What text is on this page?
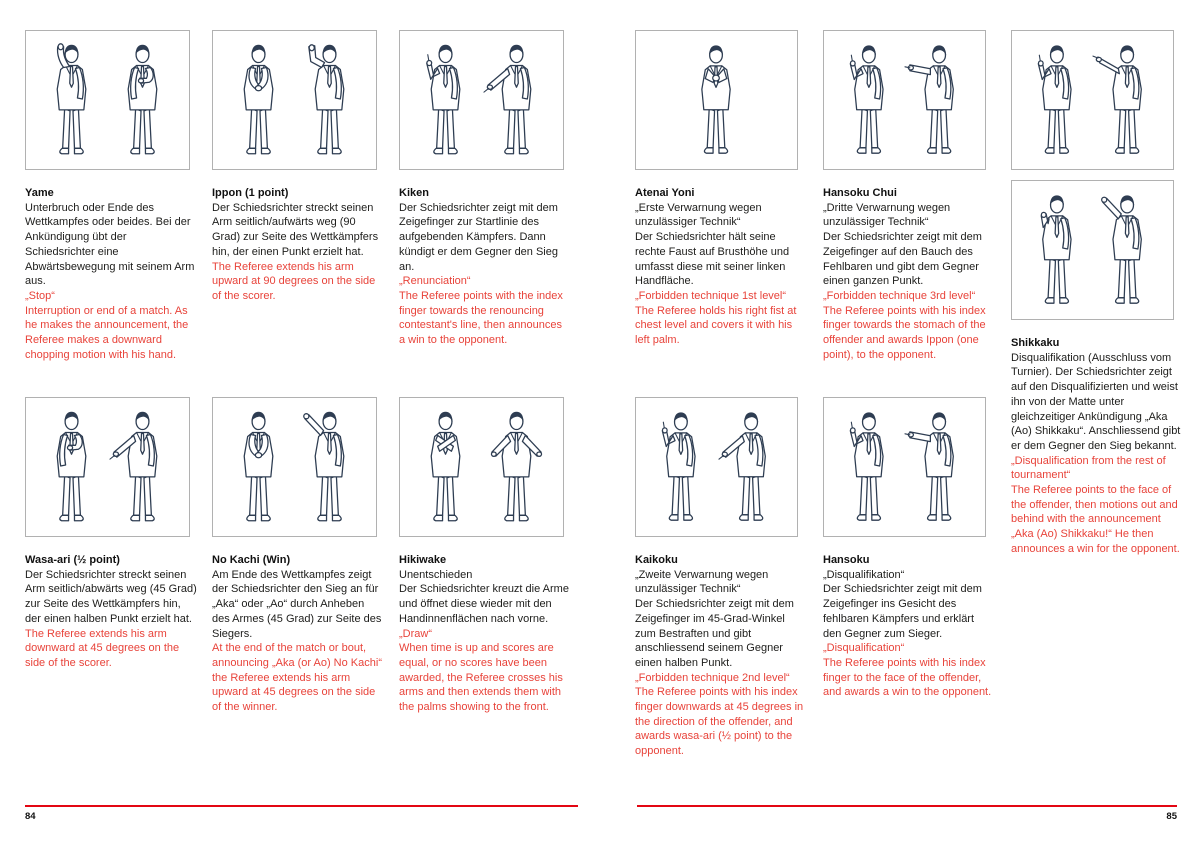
Yame
Unterbruch oder Ende des Wettkampfes oder beides. Bei der Ankündigung übt der Schiedsrichter eine Abwärtsbewegung mit seinem Arm aus.
„Stop“
Interruption or end of a match. As he makes the announcement, the Referee makes a downward chopping motion with his hand.
Ippon (1 point)
Der Schiedsrichter streckt seinen Arm seitlich/aufwärts weg (90 Grad) zur Seite des Wettkämpfers hin, der einen Punkt erzielt hat.
The Referee extends his arm upward at 90 degrees on the side of the scorer.
Kiken
Der Schiedsrichter zeigt mit dem Zeigefinger zur Startlinie des aufgebenden Kämpfers. Dann kündigt er dem Gegner den Sieg an.
„Renunciation“
The Referee points with the index finger towards the renouncing contestant's line, then announces a win to the opponent.
Wasa-ari (½ point)
Der Schiedsrichter streckt seinen Arm seitlich/abwärts weg (45 Grad) zur Seite des Wettkämpfers hin, der einen halben Punkt erzielt hat.
The Referee extends his arm downward at 45 degrees on the side of the scorer.
No Kachi (Win)
Am Ende des Wettkampfes zeigt der Schiedsrichter den Sieg an für „Aka“ oder „Ao“ durch Anheben des Armes (45 Grad) zur Seite des Siegers.
At the end of the match or bout, announcing „Aka (or Ao) No Kachi“ the Referee extends his arm upward at 45 degrees on the side of the winner.
Hikiwake
Unentschieden
Der Schiedsrichter kreuzt die Arme und öffnet diese wieder mit den Handinnenflächen nach vorne.
„Draw“
When time is up and scores are equal, or no scores have been awarded, the Referee crosses his arms and then extends them with the palms showing to the front.
Shikkaku
Disqualifikation (Ausschluss vom Turnier). Der Schiedsrichter zeigt auf den Disqualifizierten und weist ihn von der Matte unter gleichzeitiger Ankündigung „Aka (Ao) Shikkaku“. Anschliessend gibt er dem Gegner den Sieg bekannt.
„Disqualification from the rest of tournament“
The Referee points to the face of the offender, then motions out and behind with the announcement „Aka (Ao) Shikkaku!“ He then announces a win for the opponent.
Atenai Yoni
„Erste Verwarnung wegen unzulässiger Technik“
Der Schiedsrichter hält seine rechte Faust auf Brusthöhe und umfasst diese mit seiner linken Handfläche.
„Forbidden technique 1st level“
The Referee holds his right fist at chest level and covers it with his left palm.
Hansoku Chui
„Dritte Verwarnung wegen unzulässiger Technik“
Der Schiedsrichter zeigt mit dem Zeigefinger auf den Bauch des Fehlbaren und gibt dem Gegner einen ganzen Punkt.
„Forbidden technique 3rd level“
The Referee points with his index finger towards the stomach of the offender and awards Ippon (one point), to the opponent.
Kaikoku
„Zweite Verwarnung wegen unzulässiger Technik“
Der Schiedsrichter zeigt mit dem Zeigefinger im 45-Grad-Winkel zum Bestraften und gibt anschliessend seinem Gegner einen halben Punkt.
„Forbidden technique 2nd level“
The Referee points with his index finger downwards at 45 degrees in the direction of the offender, and awards wasa-ari (½ point) to the opponent.
Hansoku
„Disqualifikation“
Der Schiedsrichter zeigt mit dem Zeigefinger ins Gesicht des fehlbaren Kämpfers und erklärt den Gegner zum Sieger.
„Disqualification“
The Referee points with his index finger to the face of the offender, and awards a win to the opponent.
84	85
